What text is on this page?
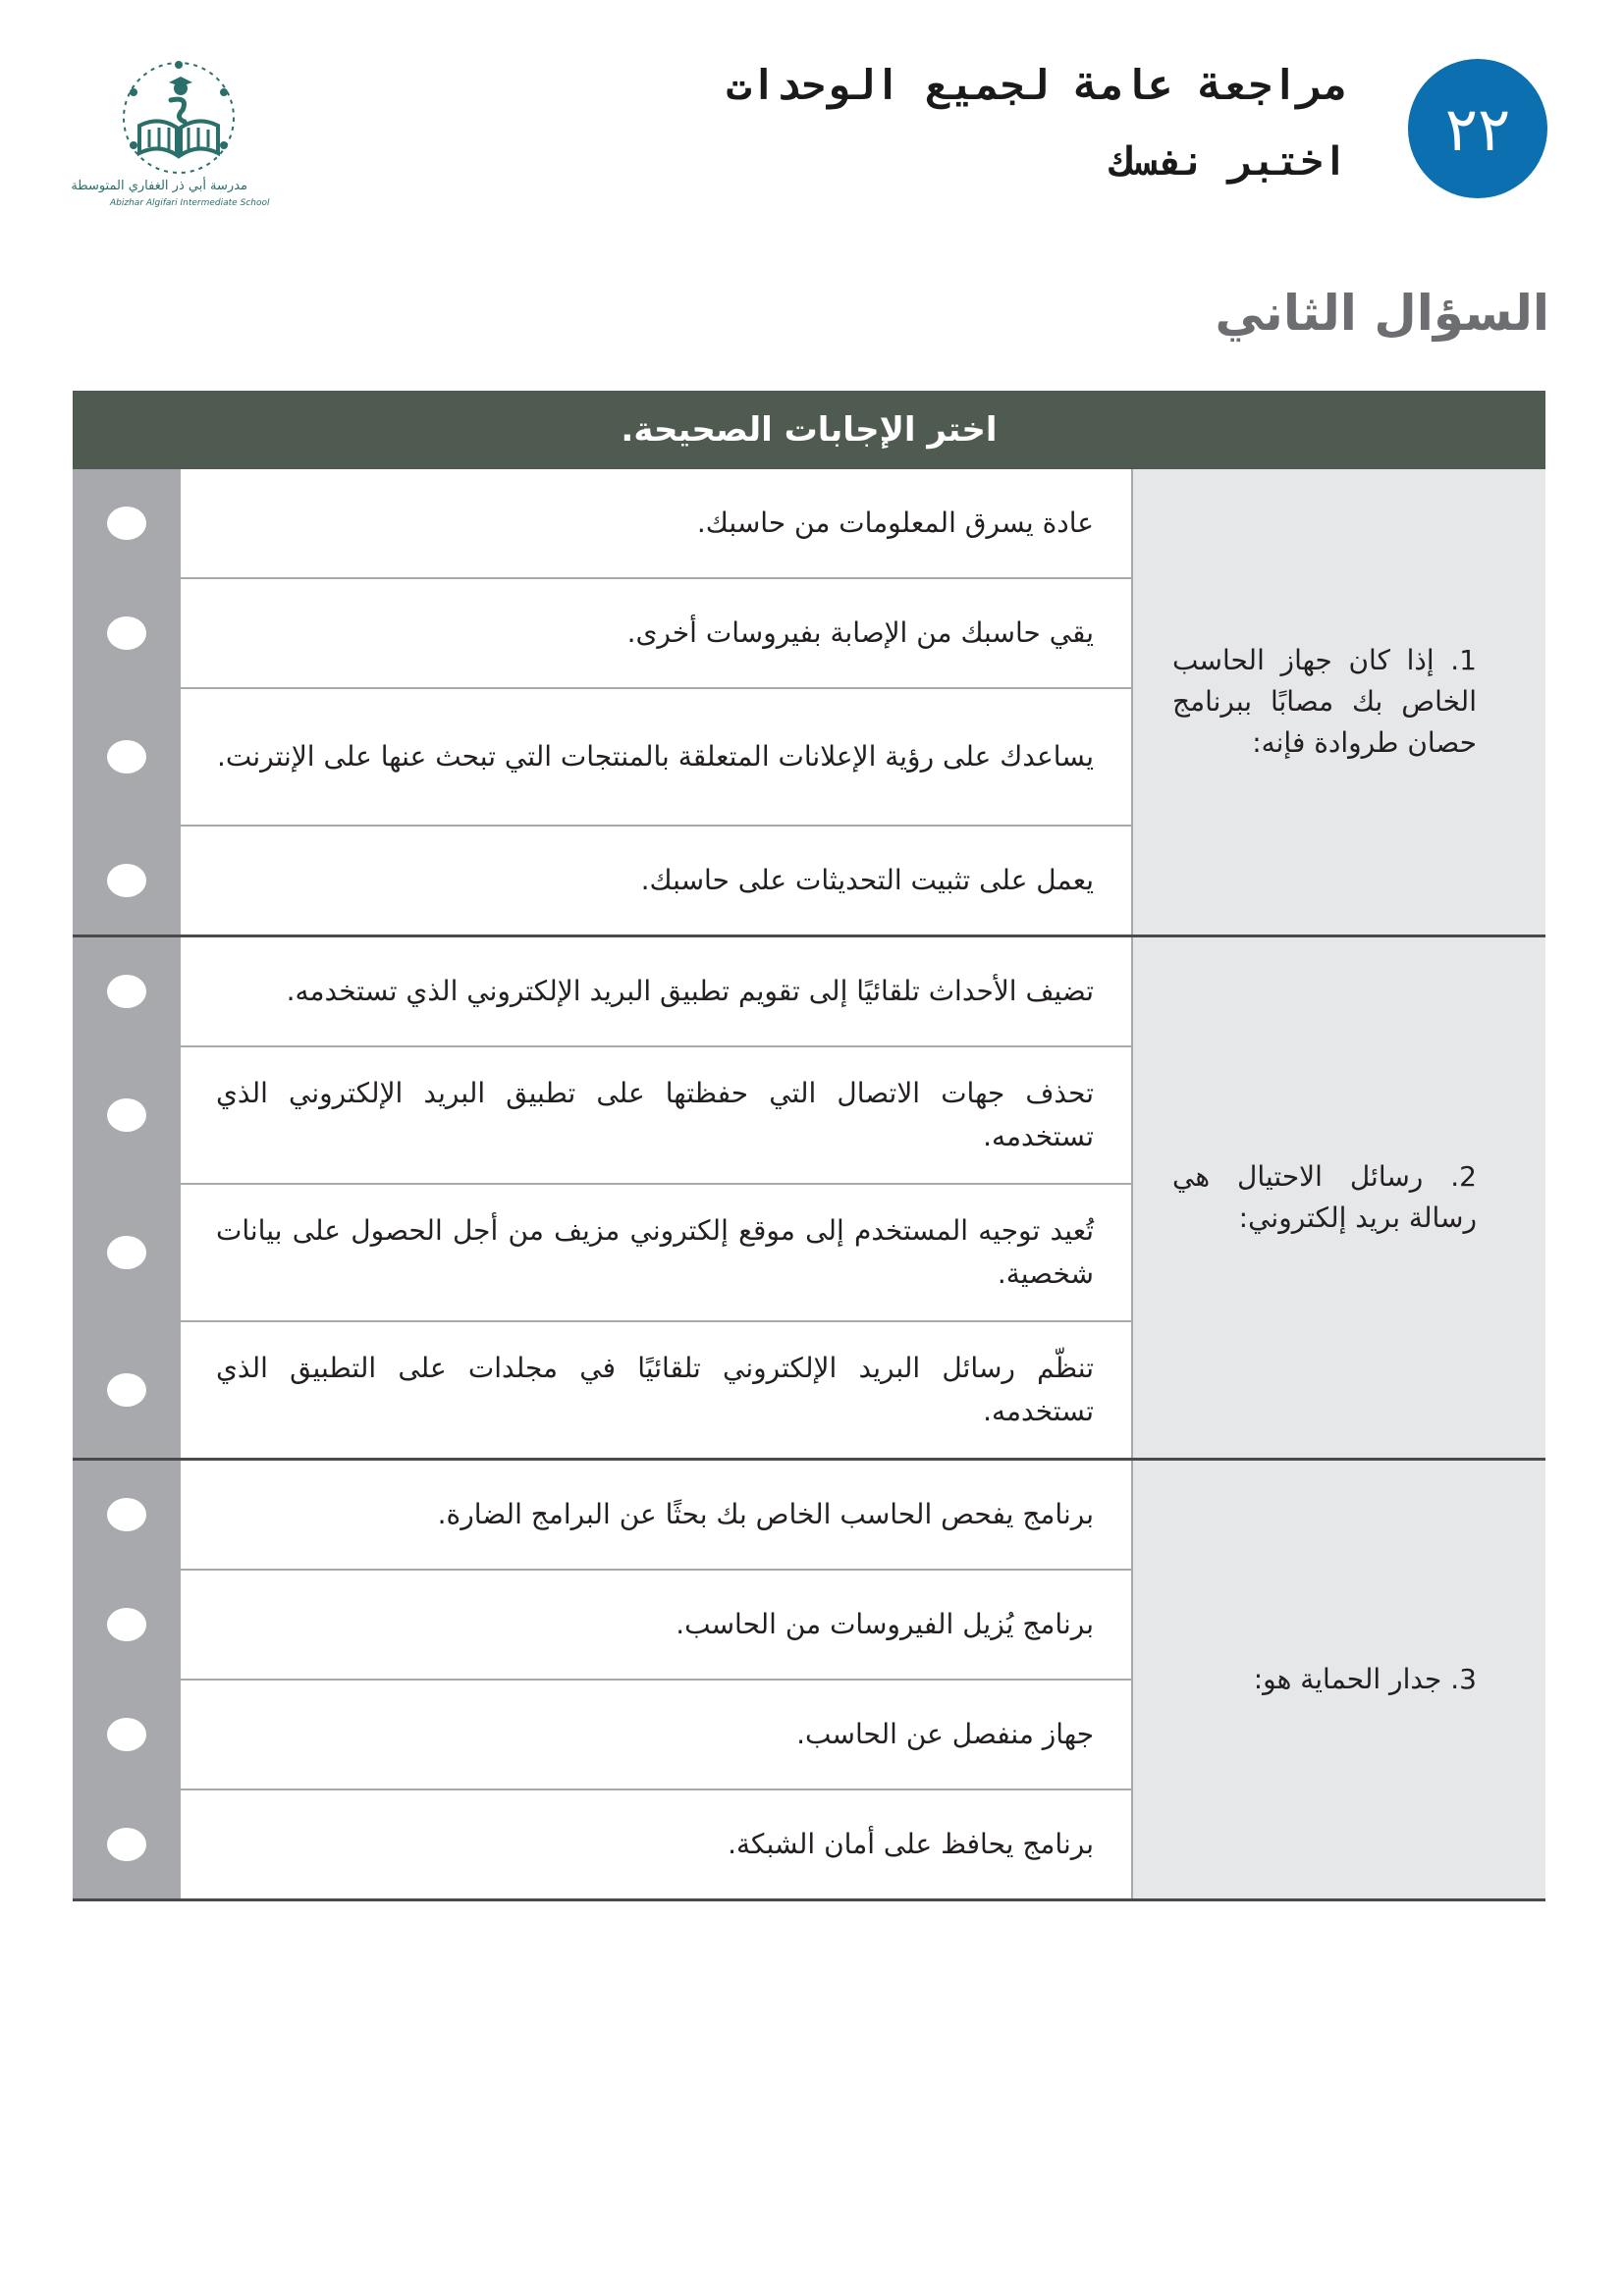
مدرسة أبي ذر الغفاري المتوسطة
Abizhar Algifari Intermediate School
مراجعة عامة لجميع الوحدات
اختبر نفسك	٢٢
السؤال الثاني
اختر الإجابات الصحيحة.
1. إذا كان جهاز الحاسب الخاص بك مصابًا ببرنامج حصان طروادة فإنه:
عادة يسرق المعلومات من حاسبك.
يقي حاسبك من الإصابة بفيروسات أخرى.
يساعدك على رؤية الإعلانات المتعلقة بالمنتجات التي تبحث عنها على الإنترنت.
يعمل على تثبيت التحديثات على حاسبك.
2. رسائل الاحتيال هي رسالة بريد إلكتروني:
تضيف الأحداث تلقائيًا إلى تقويم تطبيق البريد الإلكتروني الذي تستخدمه.
تحذف جهات الاتصال التي حفظتها على تطبيق البريد الإلكتروني الذي تستخدمه.
تُعيد توجيه المستخدم إلى موقع إلكتروني مزيف من أجل الحصول على بيانات شخصية.
تنظّم رسائل البريد الإلكتروني تلقائيًا في مجلدات على التطبيق الذي تستخدمه.
3. جدار الحماية هو:
برنامج يفحص الحاسب الخاص بك بحثًا عن البرامج الضارة.
برنامج يُزيل الفيروسات من الحاسب.
جهاز منفصل عن الحاسب.
برنامج يحافظ على أمان الشبكة.
